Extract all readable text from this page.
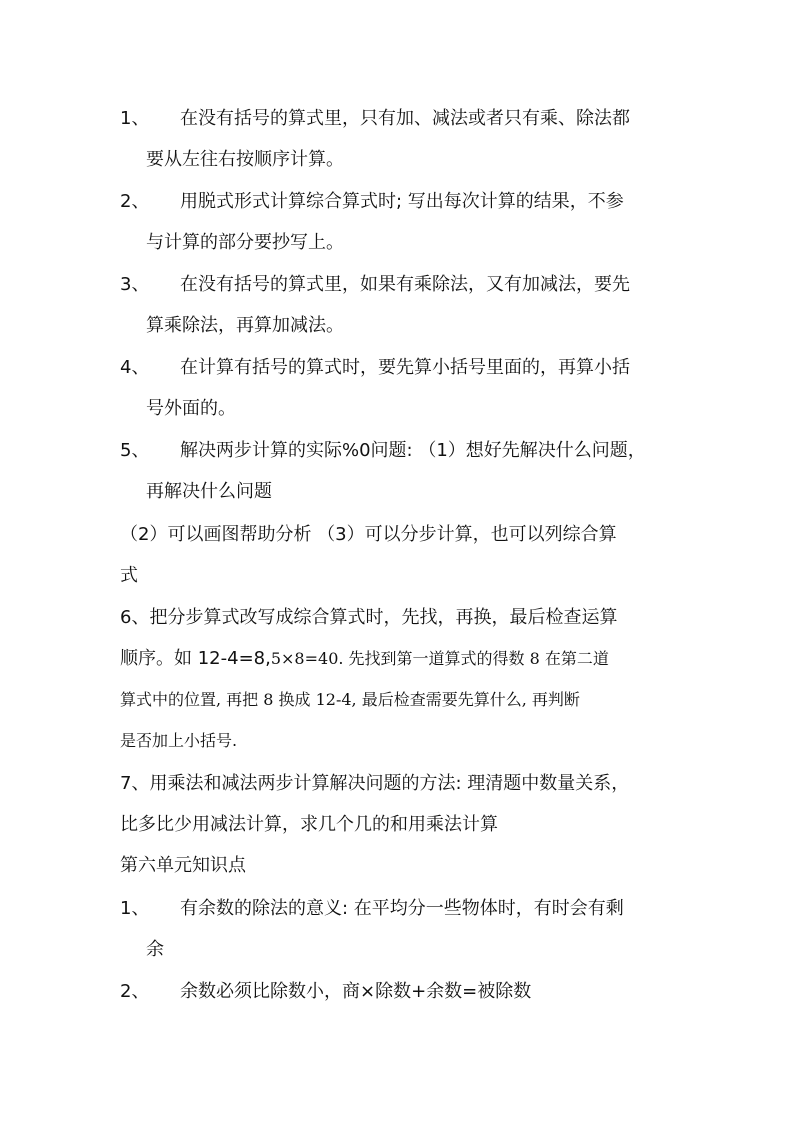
1、 在没有括号的算式里，只有加、减法或者只有乘、除法都
要从左往右按顺序计算。
2、 用脱式形式计算综合算式时; 写出每次计算的结果，不参
与计算的部分要抄写上。
3、 在没有括号的算式里，如果有乘除法，又有加减法，要先
算乘除法，再算加减法。
4、 在计算有括号的算式时，要先算小括号里面的，再算小括
号外面的。
5、 解决两步计算的实际%0问题: （1）想好先解决什么问题，
再解决什么问题
（2）可以画图帮助分析 （3）可以分步计算，也可以列综合算
式
6、把分步算式改写成综合算式时，先找，再换，最后检查运算
顺序。如 12-4=8,5×8=40. 先找到第一道算式的得数 8 在第二道
算式中的位置, 再把 8 换成 12-4, 最后检查需要先算什么, 再判断
是否加上小括号.
7、用乘法和减法两步计算解决问题的方法: 理清题中数量关系，
比多比少用减法计算，求几个几的和用乘法计算
第六单元知识点
1、 有余数的除法的意义: 在平均分一些物体时，有时会有剩
余
2、 余数必须比除数小，商×除数+余数=被除数
